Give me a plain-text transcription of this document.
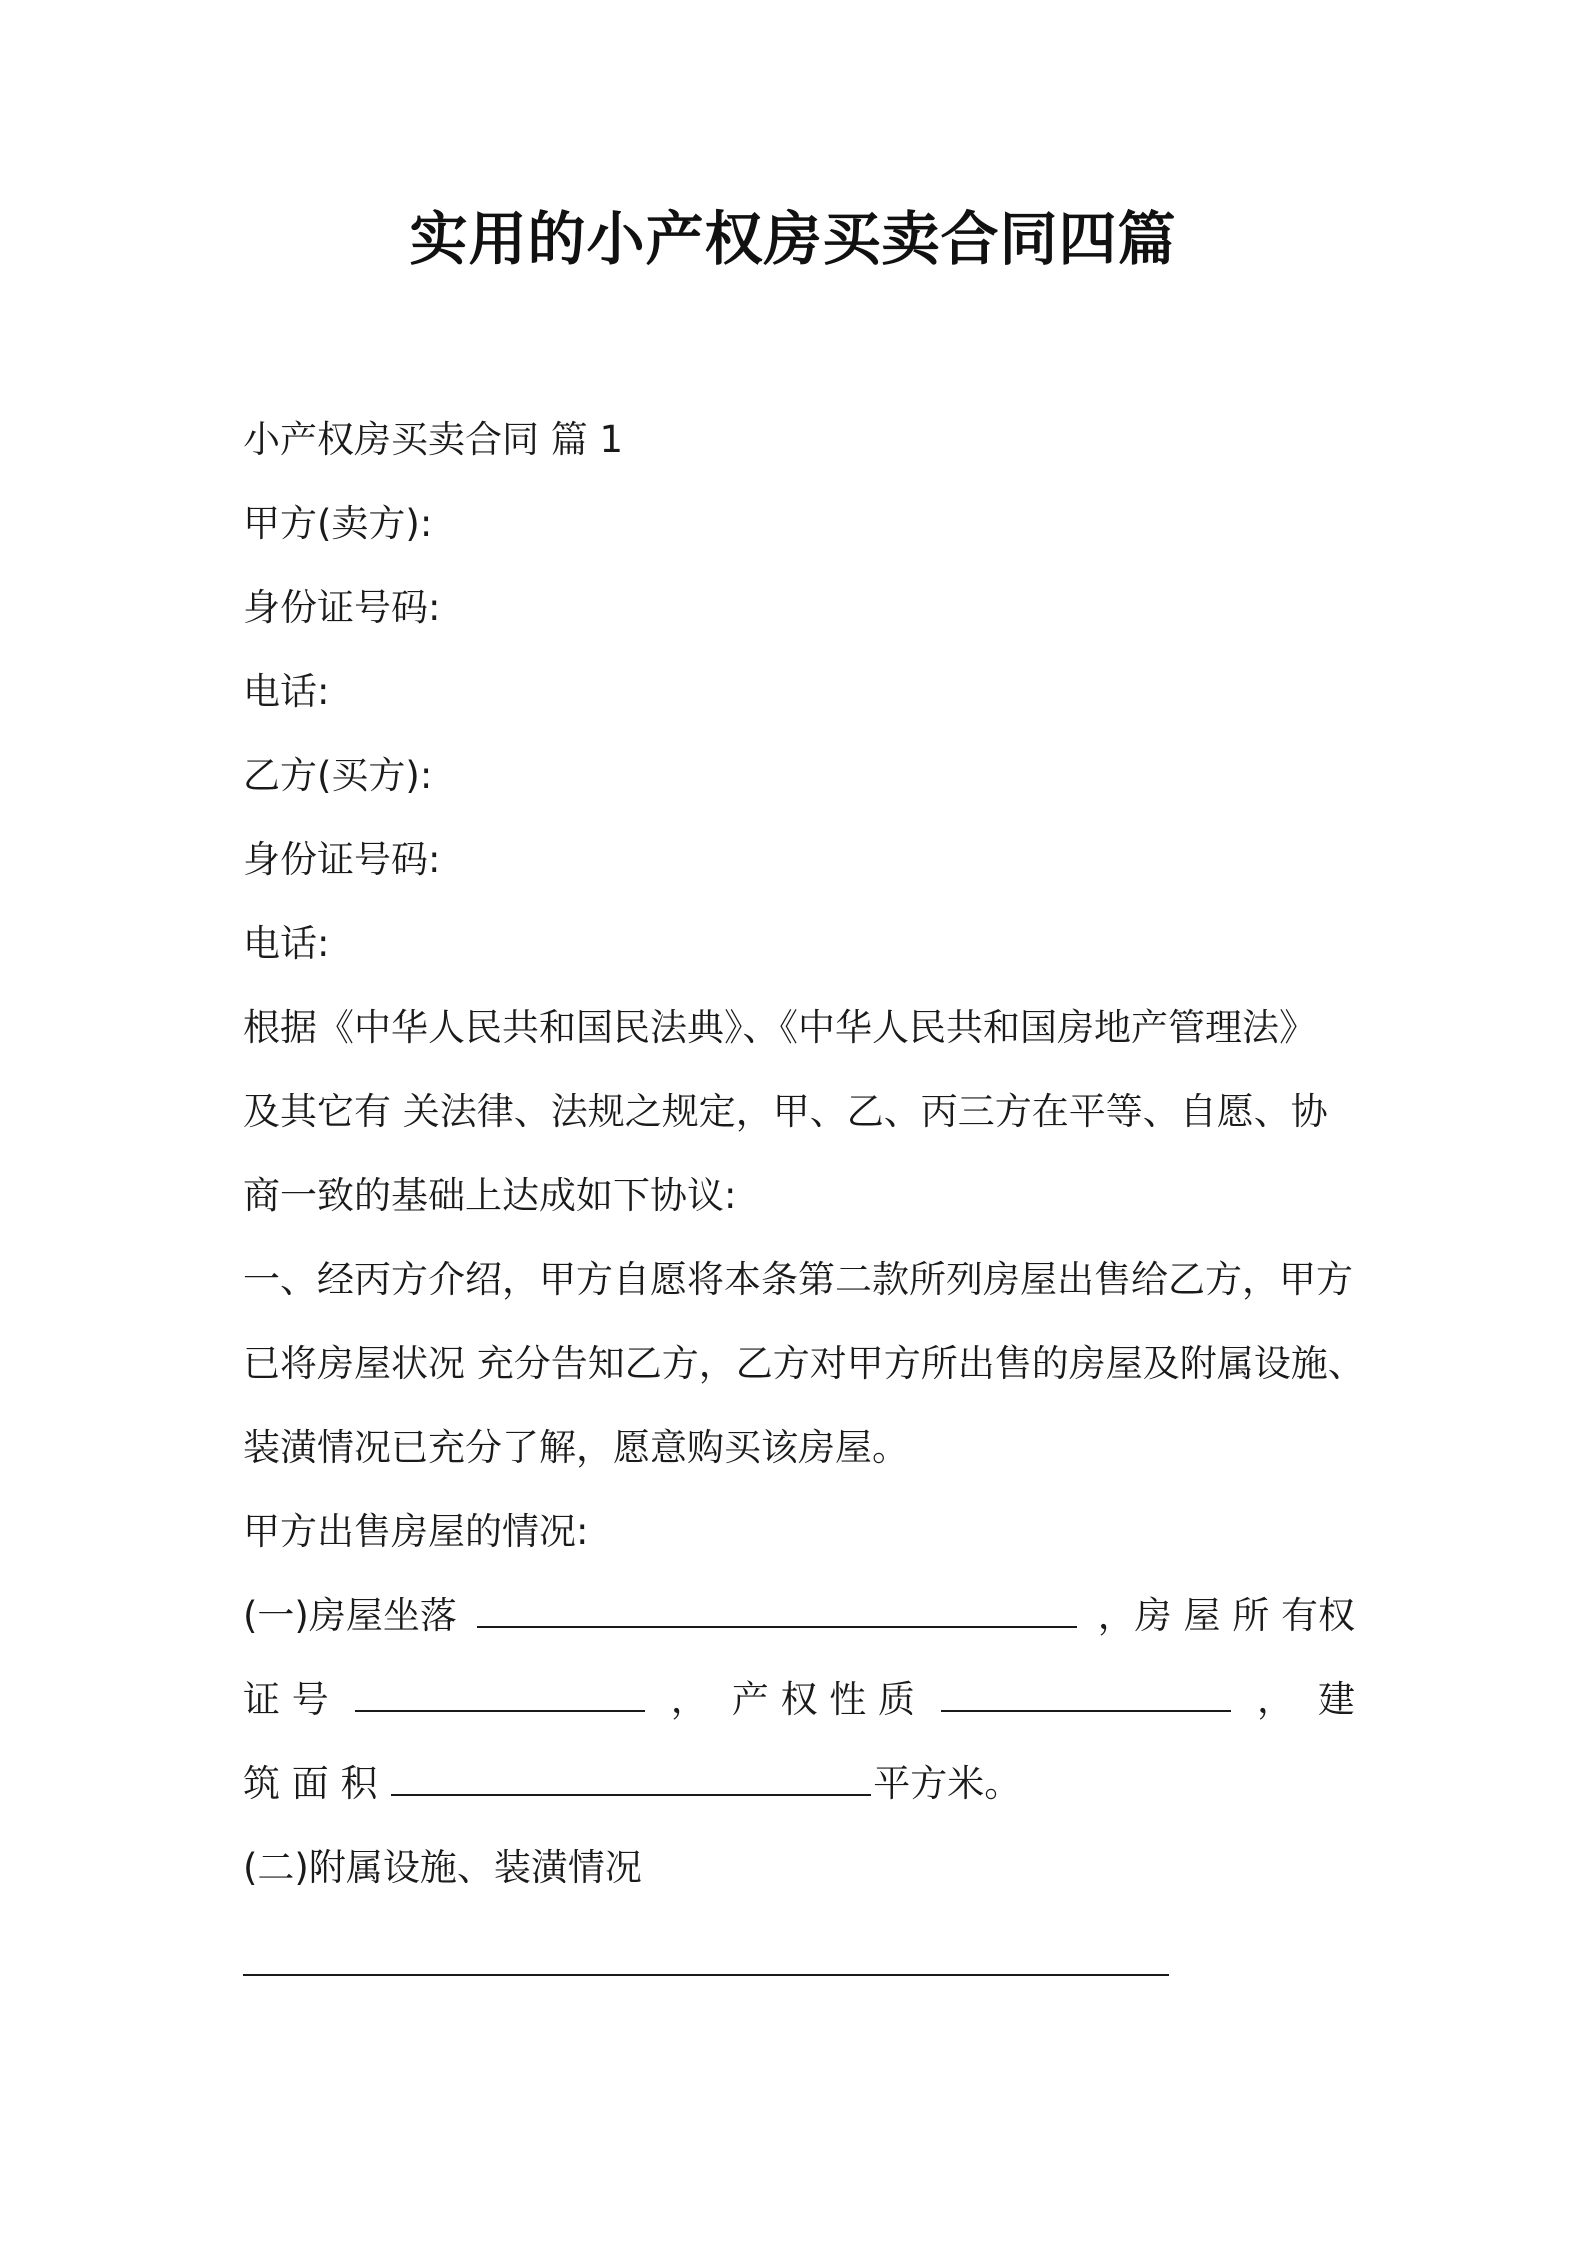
实用的小产权房买卖合同四篇
小产权房买卖合同 篇 1
甲方(卖方):
身份证号码:
电话:
乙方(买方):
身份证号码:
电话:
根据《中华人民共和国民法典》、《中华人民共和国房地产管理法》
及其它有 关法律、法规之规定，甲、乙、丙三方在平等、自愿、协
商一致的基础上达成如下协议:
一、经丙方介绍，甲方自愿将本条第二款所列房屋出售给乙方，甲方
已将房屋状况 充分告知乙方，乙方对甲方所出售的房屋及附属设施、
装潢情况已充分了解，愿意购买该房屋。
甲方出售房屋的情况:
(一)房屋坐落	，房 屋 所 有权
证 号	， 产 权 性 质	， 建
筑 面 积	平方米。
(二)附属设施、装潢情况
